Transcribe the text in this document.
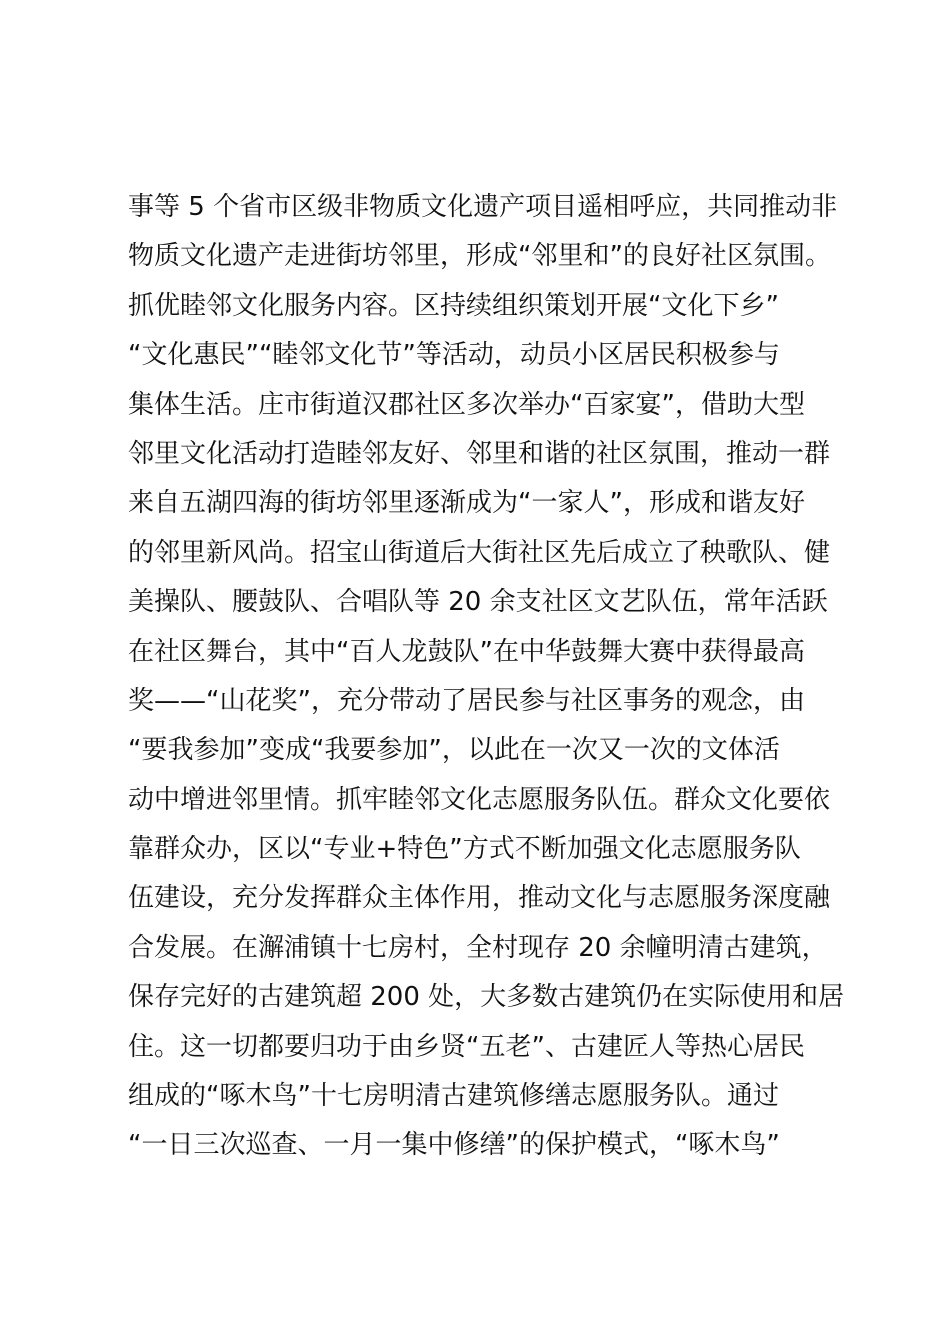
事等 5 个省市区级非物质文化遗产项目遥相呼应，共同推动非
物质文化遗产走进街坊邻里，形成“邻里和”的良好社区氛围。
抓优睦邻文化服务内容。区持续组织策划开展“文化下乡”
“文化惠民”“睦邻文化节”等活动，动员小区居民积极参与
集体生活。庄市街道汉郡社区多次举办“百家宴”，借助大型
邻里文化活动打造睦邻友好、邻里和谐的社区氛围，推动一群
来自五湖四海的街坊邻里逐渐成为“一家人”，形成和谐友好
的邻里新风尚。招宝山街道后大街社区先后成立了秧歌队、健
美操队、腰鼓队、合唱队等 20 余支社区文艺队伍，常年活跃
在社区舞台，其中“百人龙鼓队”在中华鼓舞大赛中获得最高
奖——“山花奖”，充分带动了居民参与社区事务的观念，由
“要我参加”变成“我要参加”，以此在一次又一次的文体活
动中增进邻里情。抓牢睦邻文化志愿服务队伍。群众文化要依
靠群众办，区以“专业+特色”方式不断加强文化志愿服务队
伍建设，充分发挥群众主体作用，推动文化与志愿服务深度融
合发展。在澥浦镇十七房村，全村现存 20 余幢明清古建筑，
保存完好的古建筑超 200 处，大多数古建筑仍在实际使用和居
住。这一切都要归功于由乡贤“五老”、古建匠人等热心居民
组成的“啄木鸟”十七房明清古建筑修缮志愿服务队。通过
“一日三次巡查、一月一集中修缮”的保护模式，“啄木鸟”
